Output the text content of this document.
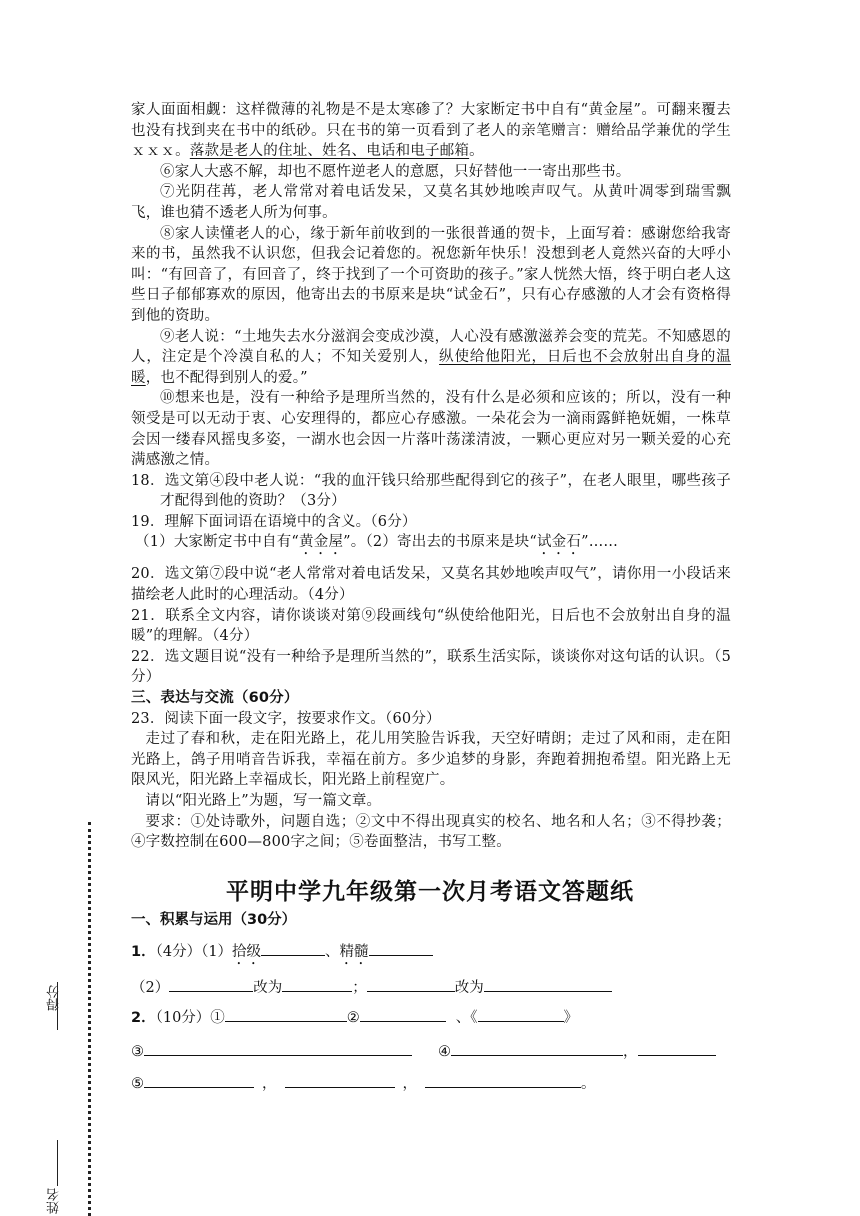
家人面面相觑：这样微薄的礼物是不是太寒碜了？大家断定书中自有“黄金屋”。可翻来覆去也没有找到夹在书中的纸砂。只在书的第一页看到了老人的亲笔赠言：赠给品学兼优的学生ｘｘｘ。落款是老人的住址、姓名、电话和电子邮箱。

⑥家人大惑不解，却也不愿忤逆老人的意愿，只好替他一一寄出那些书。

⑦光阴荏苒，老人常常对着电话发呆，又莫名其妙地唉声叹气。从黄叶凋零到瑞雪飘飞，谁也猜不透老人所为何事。

⑧家人读懂老人的心，缘于新年前收到的一张很普通的贺卡，上面写着：感谢您给我寄来的书，虽然我不认识您，但我会记着您的。祝您新年快乐！没想到老人竟然兴奋的大呼小叫：“有回音了，有回音了，终于找到了一个可资助的孩子。”家人恍然大悟，终于明白老人这些日子郁郁寡欢的原因，他寄出去的书原来是块“试金石”，只有心存感激的人才会有资格得到他的资助。

⑨老人说：“土地失去水分滋润会变成沙漠，人心没有感激滋养会变的荒芜。不知感恩的人，注定是个冷漠自私的人；不知关爱别人，纵使给他阳光，日后也不会放射出自身的温暖，也不配得到别人的爱。”

⑩想来也是，没有一种给予是理所当然的，没有什么是必须和应该的；所以，没有一种领受是可以无动于衷、心安理得的，都应心存感激。一朵花会为一滴雨露鲜艳妩媚，一株草会因一缕春风摇曳多姿，一湖水也会因一片落叶荡漾清波，一颗心更应对另一颗关爱的心充满感激之情。

18．选文第④段中老人说：“我的血汗钱只给那些配得到它的孩子”，在老人眼里，哪些孩子才配得到他的资助？（3分）

19．理解下面词语在语境中的含义。（6分）

（1）大家断定书中自有“黄金屋”。（2）寄出去的书原来是块“试金石”……

20．选文第⑦段中说“老人常常对着电话发呆，又莫名其妙地唉声叹气”，请你用一小段话来描绘老人此时的心理活动。（4分）

21．联系全文内容，请你谈谈对第⑨段画线句“纵使给他阳光，日后也不会放射出自身的温暖”的理解。（4分）

22．选文题目说“没有一种给予是理所当然的”，联系生活实际，谈谈你对这句话的认识。（5分）

三、表达与交流（60分）

23．阅读下面一段文字，按要求作文。（60分）

走过了春和秋，走在阳光路上，花儿用笑脸告诉我，天空好晴朗；走过了风和雨，走在阳光路上，鸽子用哨音告诉我，幸福在前方。多少追梦的身影，奔跑着拥抱希望。阳光路上无限风光，阳光路上幸福成长，阳光路上前程宽广。

请以“阳光路上”为题，写一篇文章。

要求：①处诗歌外，问题自选；②文中不得出现真实的校名、地名和人名；③不得抄袭；④字数控制在600—800字之间；⑤卷面整洁，书写工整。

得分
姓名
平明中学九年级第一次月考语文答题纸
一、积累与运用（30分）
1．（4分）（1）拾级	、精髓
（2）	改为	；	改为
2．（10分）①	②	、《	》
③	④	，
⑤	，	，	。
